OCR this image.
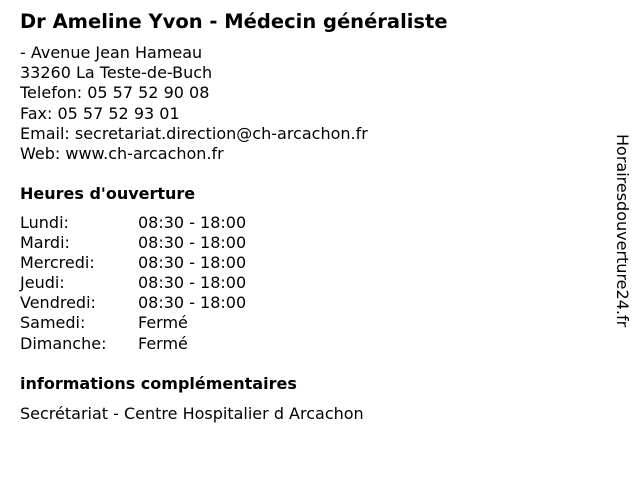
Dr Ameline Yvon - Médecin généraliste
- Avenue Jean Hameau
33260 La Teste-de-Buch
Telefon: 05 57 52 90 08
Fax: 05 57 52 93 01
Email: secretariat.direction@ch-arcachon.fr
Web: www.ch-arcachon.fr
Heures d'ouverture
Lundi:	08:30 - 18:00
Mardi:	08:30 - 18:00
Mercredi:	08:30 - 18:00
Jeudi:	08:30 - 18:00
Vendredi:	08:30 - 18:00
Samedi:	Fermé
Dimanche:	Fermé
informations complémentaires

Secrétariat - Centre Hospitalier d Arcachon

Horairesdouverture24.fr
